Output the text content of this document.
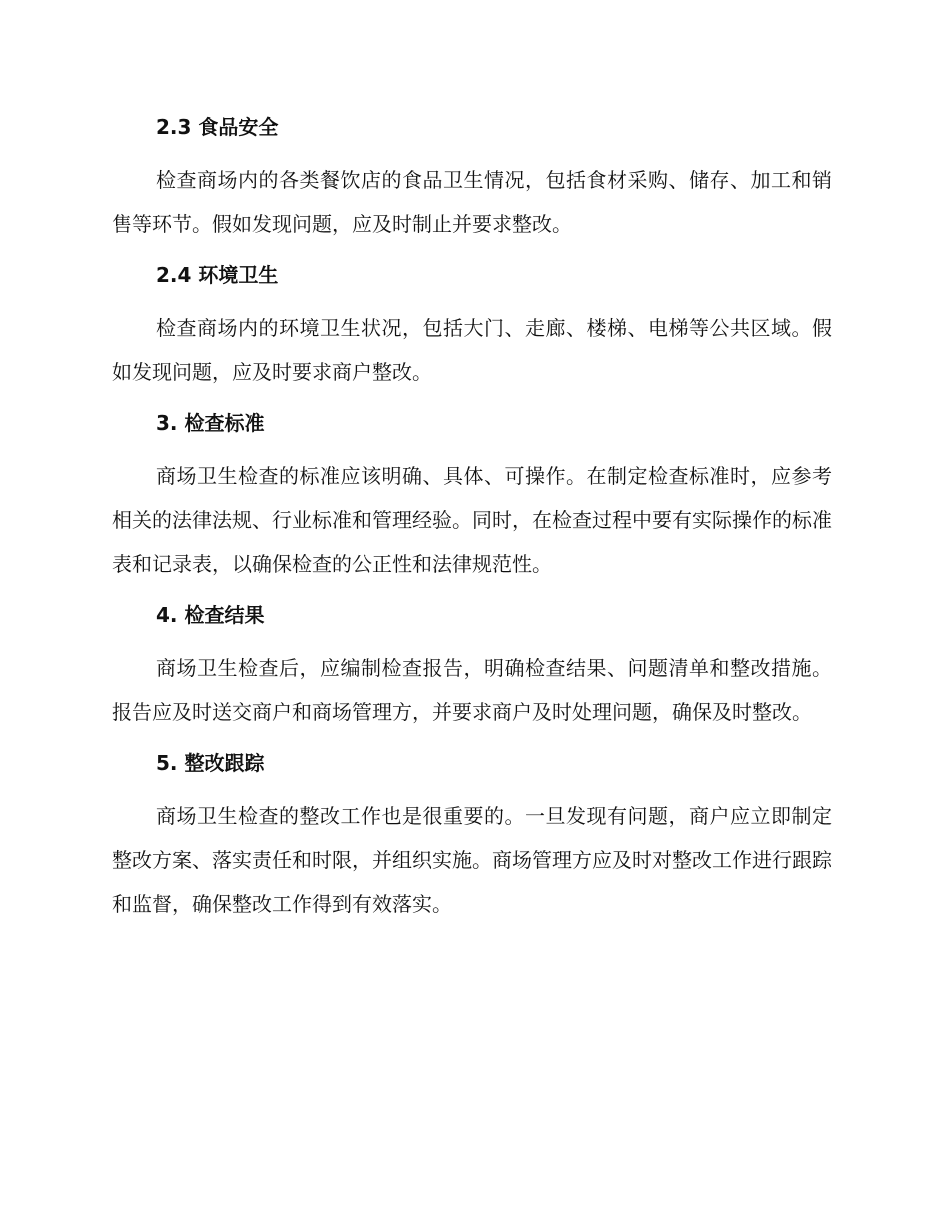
2.3 食品安全

检查商场内的各类餐饮店的食品卫生情况，包括食材采购、储存、加工和销售等环节。假如发现问题，应及时制止并要求整改。

2.4 环境卫生

检查商场内的环境卫生状况，包括大门、走廊、楼梯、电梯等公共区域。假如发现问题，应及时要求商户整改。

3. 检查标准

商场卫生检查的标准应该明确、具体、可操作。在制定检查标准时，应参考相关的法律法规、行业标准和管理经验。同时，在检查过程中要有实际操作的标准表和记录表，以确保检查的公正性和法律规范性。

4. 检查结果

商场卫生检查后，应编制检查报告，明确检查结果、问题清单和整改措施。报告应及时送交商户和商场管理方，并要求商户及时处理问题，确保及时整改。

5. 整改跟踪

商场卫生检查的整改工作也是很重要的。一旦发现有问题，商户应立即制定整改方案、落实责任和时限，并组织实施。商场管理方应及时对整改工作进行跟踪和监督，确保整改工作得到有效落实。
